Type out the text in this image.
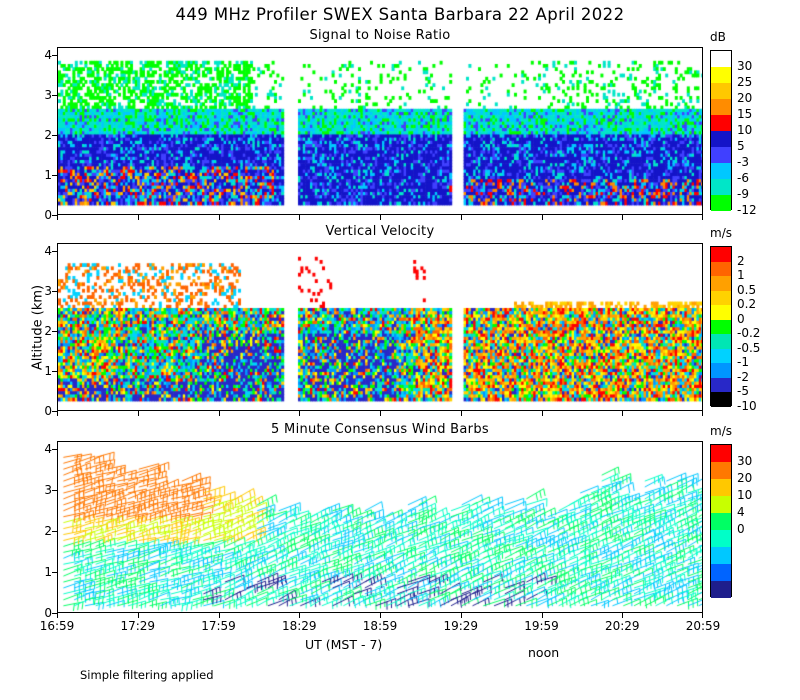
449 MHz Profiler SWEX Santa Barbara 22 April 2022
Signal to Noise Ratio
0
1
2
3
4
Vertical Velocity
0
1
2
3
4
5 Minute Consensus Wind Barbs
0
1
2
3
4
16:59	17:29	17:59	18:29	18:59	19:29	19:59	20:29	20:59
Altitude (km)
UT (MST - 7)
noon
Simple filtering applied
dB
30
25
20
15
10
5
-3
-6
-9
-12
m/s
2
1
0.5
0.2
0
-0.2
-0.5
-1
-2
-5
-10
m/s
30
20
10
4
0
